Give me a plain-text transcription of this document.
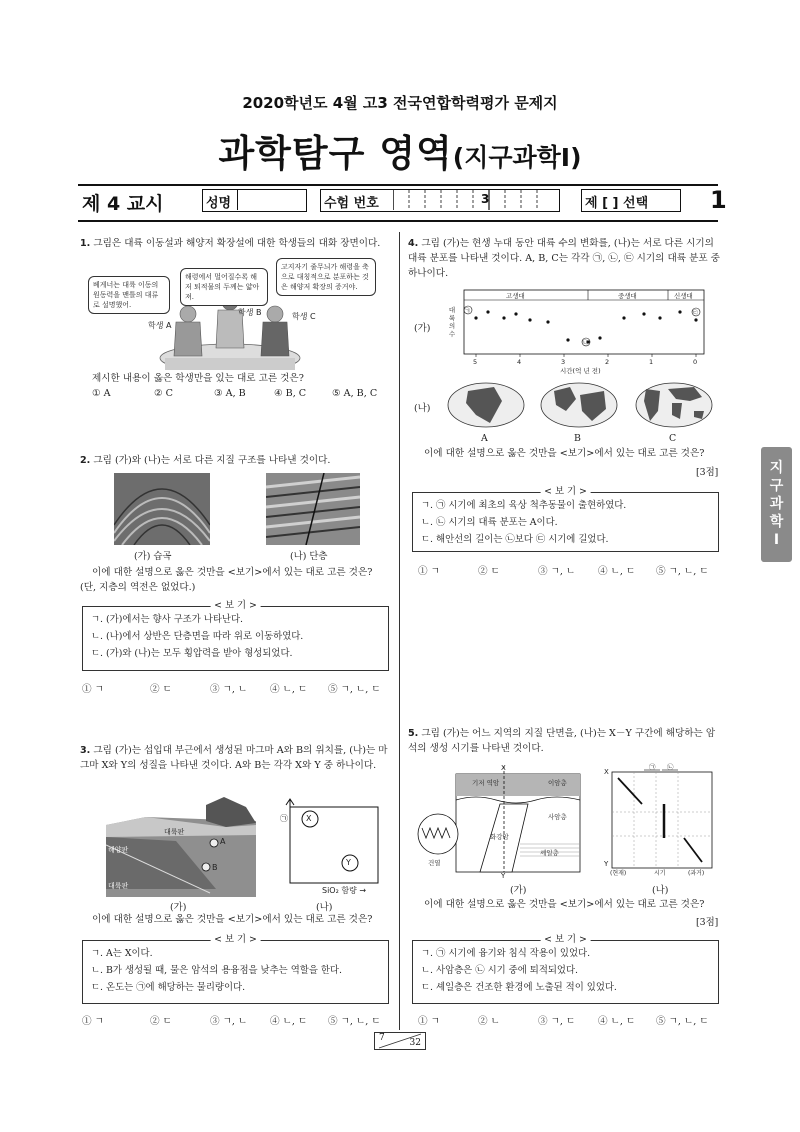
2020학년도 4월 고3 전국연합학력평가 문제지
과학탐구 영역(지구과학Ⅰ)
제 4 교시	성명	수험 번호	3	제 [ ] 선택	1
1. 그림은 대륙 이동설과 해양저 확장설에 대한 학생들의 대화 장면이다.
베게너는 대륙 이동의 원동력을 맨틀의 대류로 설명했어.
해령에서 멀어질수록 해저 퇴적물의 두께는 얇아져.
고지자기 줄무늬가 해령을 축으로 대칭적으로 분포하는 것은 해양저 확장의 증거야.
학생 A
학생 B	학생 C
제시한 내용이 옳은 학생만을 있는 대로 고른 것은?
① A	② C	③ A, B	④ B, C	⑤ A, B, C
2. 그림 (가)와 (나)는 서로 다른 지질 구조를 나타낸 것이다.
(가) 습곡	(나) 단층
이에 대한 설명으로 옳은 것만을 <보기>에서 있는 대로 고른 것은?
(단, 지층의 역전은 없었다.)
< 보 기 >
ㄱ. (가)에서는 향사 구조가 나타난다.
ㄴ. (나)에서 상반은 단층면을 따라 위로 이동하였다.
ㄷ. (가)와 (나)는 모두 횡압력을 받아 형성되었다.
① ㄱ	② ㄷ	③ ㄱ, ㄴ ④ ㄴ, ㄷ ⑤ ㄱ, ㄴ, ㄷ
3. 그림 (가)는 섭입대 부근에서 생성된 마그마 A와 B의 위치를, (나)는 마그마 X와 Y의 성질을 나타낸 것이다. A와 B는 각각 X와 Y 중 하나이다.
해양판
대륙판
대륙판
A
B
㉠ X
Y
SiO₂ 함량 →
(가)	(나)
이에 대한 설명으로 옳은 것만을 <보기>에서 있는 대로 고른 것은?
< 보 기 >
ㄱ. A는 X이다.
ㄴ. B가 생성될 때, 물은 암석의 용융점을 낮추는 역할을 한다.
ㄷ. 온도는 ㉠에 해당하는 물리량이다.
① ㄱ	② ㄷ	③ ㄱ, ㄴ ④ ㄴ, ㄷ ⑤ ㄱ, ㄴ, ㄷ
4. 그림 (가)는 현생 누대 동안 대륙 수의 변화를, (나)는 서로 다른 시기의 대륙 분포를 나타낸 것이다. A, B, C는 각각 ㉠, ㉡, ㉢ 시기의 대륙 분포 중 하나이다.
(가)
고생대	중생대	신생대
대륙의 수
㉠
㉡
㉢
5	4	3	2	1	0
시간(억 년 전)
(나)
A	B	C
이에 대한 설명으로 옳은 것만을 <보기>에서 있는 대로 고른 것은?
[3점]
< 보 기 >
ㄱ. ㉠ 시기에 최초의 육상 척추동물이 출현하였다.
ㄴ. ㉡ 시기의 대륙 분포는 A이다.
ㄷ. 해안선의 길이는 ㉡보다 ㉢ 시기에 길었다.
① ㄱ	② ㄷ	③ ㄱ, ㄴ ④ ㄴ, ㄷ ⑤ ㄱ, ㄴ, ㄷ
5. 그림 (가)는 어느 지역의 지질 단면을, (나)는 X－Y 구간에 해당하는 암석의 생성 시기를 나타낸 것이다.
X
Y
기저 역암	이암층
사암층
화강암
셰일층
건열
X
Y
㉠ ㉡
(현재)	시기	(과거)
(가)	(나)
이에 대한 설명으로 옳은 것만을 <보기>에서 있는 대로 고른 것은?
[3점]
< 보 기 >
ㄱ. ㉠ 시기에 융기와 침식 작용이 있었다.
ㄴ. 사암층은 ㉡ 시기 중에 퇴적되었다.
ㄷ. 셰일층은 건조한 환경에 노출된 적이 있었다.
① ㄱ	② ㄴ	③ ㄱ, ㄷ ④ ㄴ, ㄷ ⑤ ㄱ, ㄴ, ㄷ
지
구
과
학
Ⅰ
7	32
